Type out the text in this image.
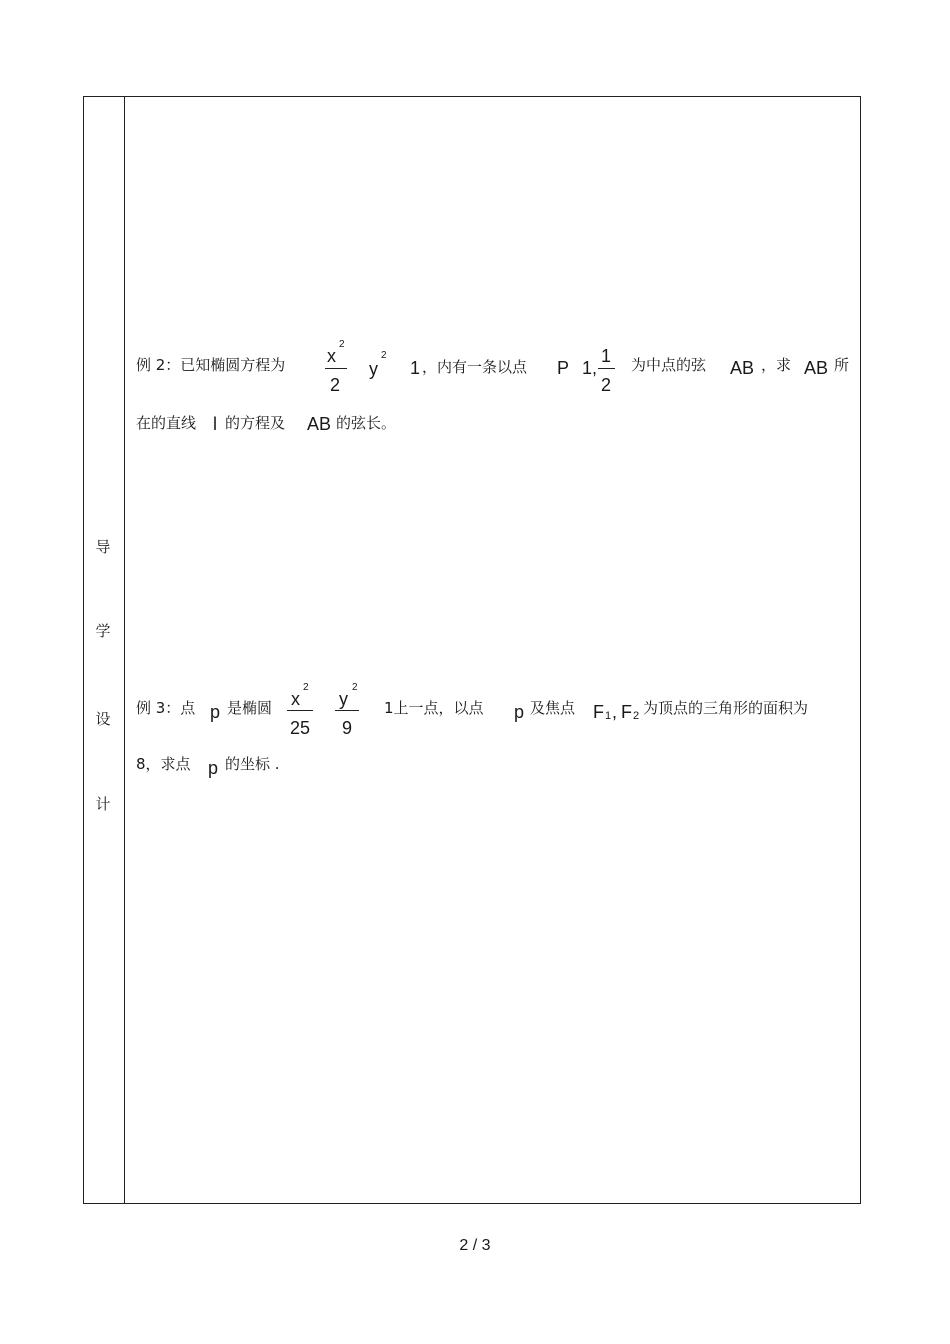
导
学
设
计
例 2：已知椭圆方程为 x
2
2
y
2
1 ，内有一条以点 P 1,
1
2
为中点的弦 AB ，求 AB 所
在的直线 l 的方程及 AB 的弦长。
例 3：点 p 是椭圆 x
2
25
y
2
9
1上一点，以点 p 及焦点 F 1 , F 2 为顶点的三角形的面积为
8，求点 p 的坐标 .
2 / 3
